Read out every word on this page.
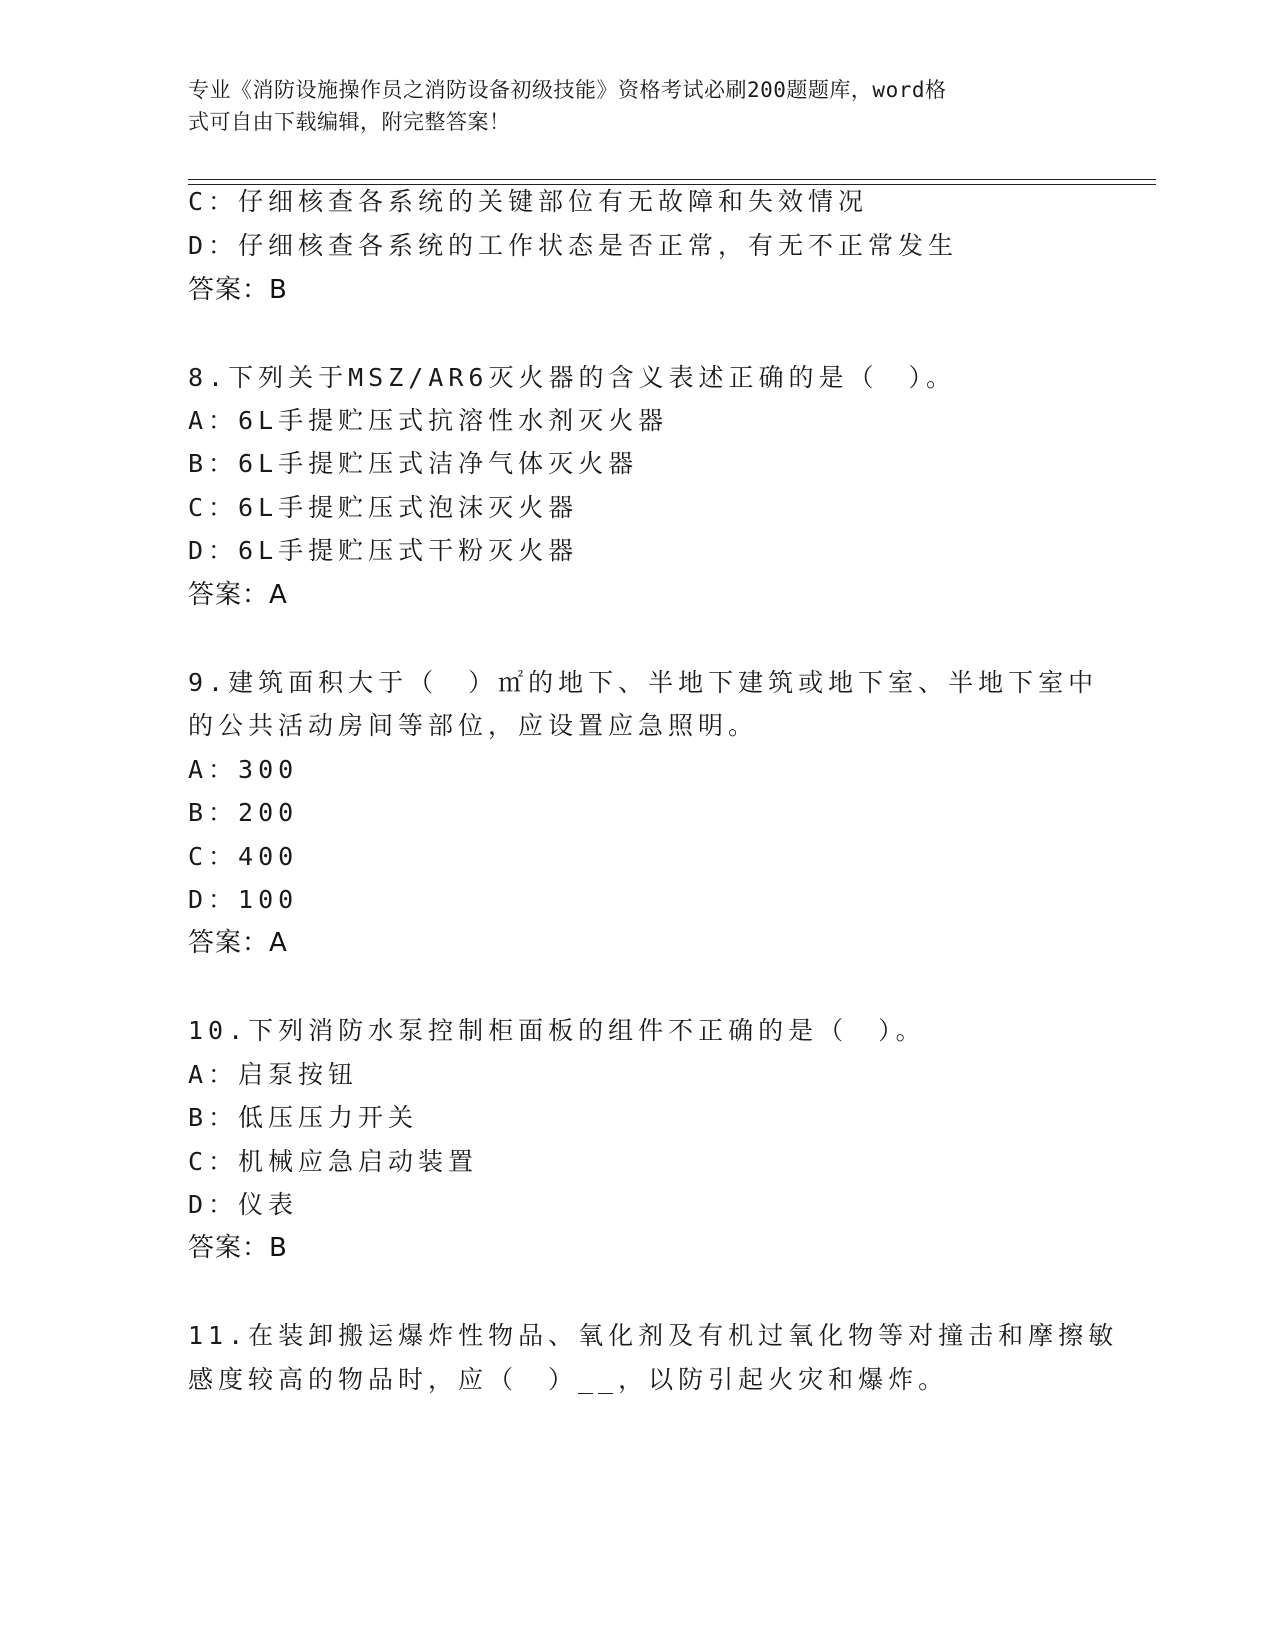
专业《消防设施操作员之消防设备初级技能》资格考试必刷200题题库，word格
式可自由下载编辑，附完整答案！
C：仔细核查各系统的关键部位有无故障和失效情况
D：仔细核查各系统的工作状态是否正常，有无不正常发生
答案：B
8.下列关于MSZ/AR6灭火器的含义表述正确的是（　）。
A：6L手提贮压式抗溶性水剂灭火器
B：6L手提贮压式洁净气体灭火器
C：6L手提贮压式泡沫灭火器
D：6L手提贮压式干粉灭火器
答案：A
9.建筑面积大于（　）㎡的地下、半地下建筑或地下室、半地下室中
的公共活动房间等部位，应设置应急照明。
A：300
B：200
C：400
D：100
答案：A
10.下列消防水泵控制柜面板的组件不正确的是（　）。
A：启泵按钮
B：低压压力开关
C：机械应急启动装置
D：仪表
答案：B
11.在装卸搬运爆炸性物品、氧化剂及有机过氧化物等对撞击和摩擦敏
感度较高的物品时，应（　）__，以防引起火灾和爆炸。
